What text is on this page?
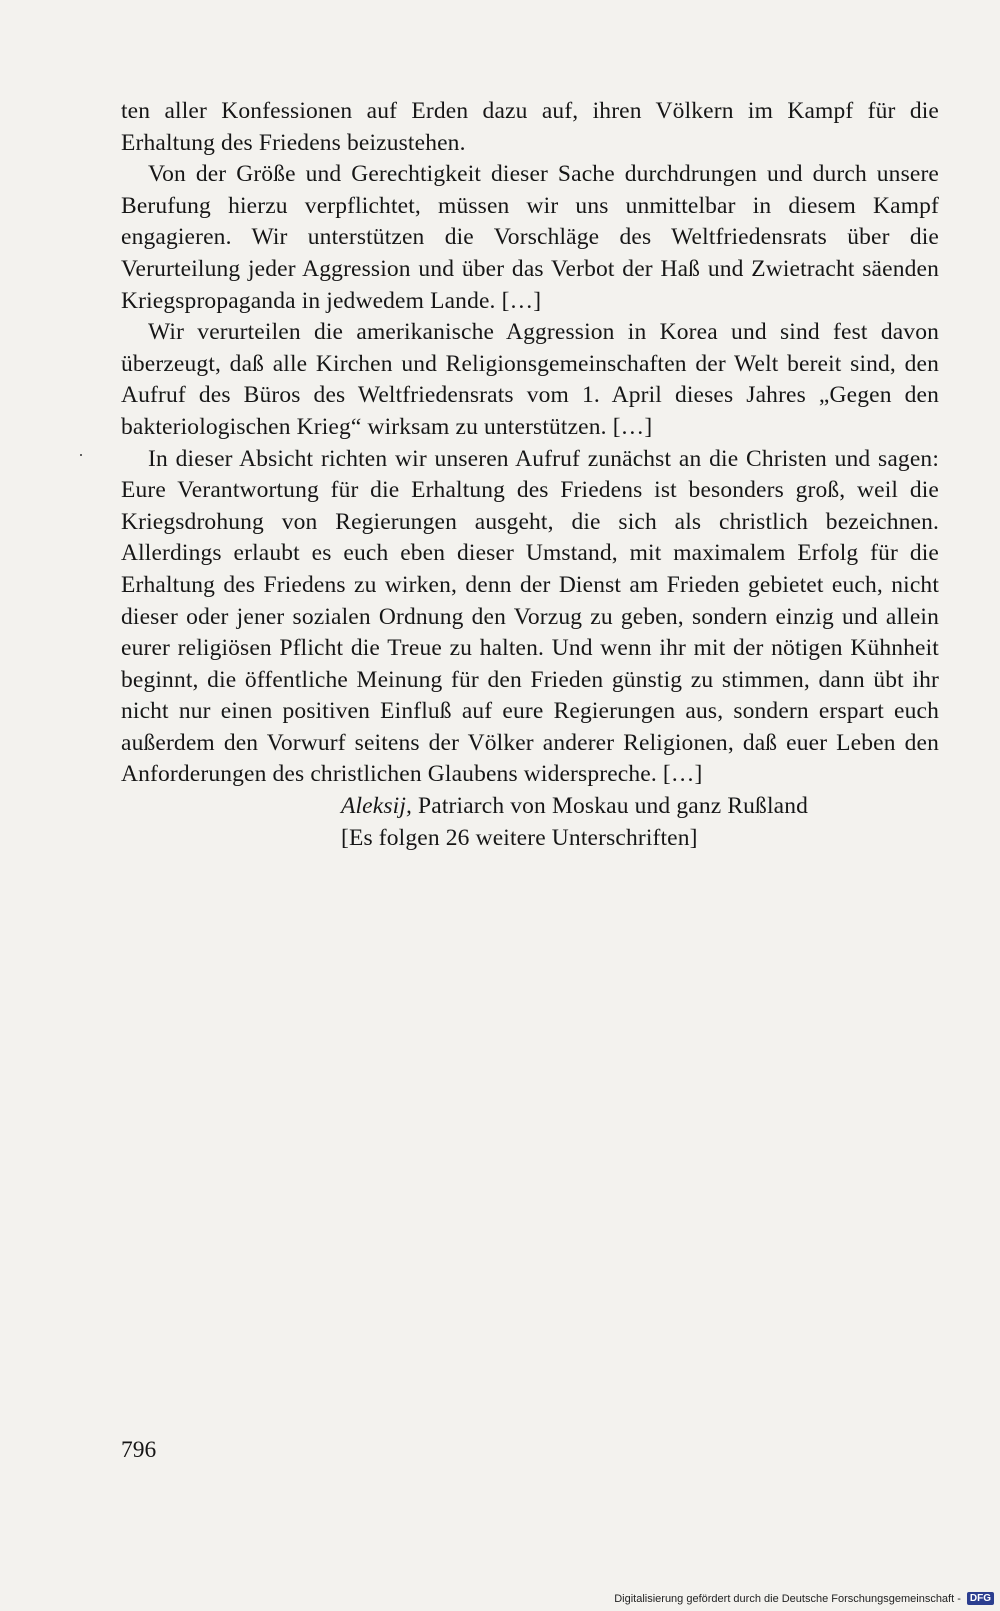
ten aller Konfessionen auf Erden dazu auf, ihren Völkern im Kampf für die Erhaltung des Friedens beizustehen.

Von der Größe und Gerechtigkeit dieser Sache durchdrungen und durch unsere Berufung hierzu verpflichtet, müssen wir uns unmittelbar in diesem Kampf engagieren. Wir unterstützen die Vorschläge des Weltfriedensrats über die Verurteilung jeder Aggression und über das Verbot der Haß und Zwietracht säenden Kriegspropaganda in jedwedem Lande. […]

Wir verurteilen die amerikanische Aggression in Korea und sind fest davon überzeugt, daß alle Kirchen und Religionsgemeinschaften der Welt bereit sind, den Aufruf des Büros des Weltfriedensrats vom 1. April dieses Jahres „Gegen den bakteriologischen Krieg“ wirksam zu unterstützen. […]

In dieser Absicht richten wir unseren Aufruf zunächst an die Christen und sagen: Eure Verantwortung für die Erhaltung des Friedens ist besonders groß, weil die Kriegsdrohung von Regierungen ausgeht, die sich als christlich bezeichnen. Allerdings erlaubt es euch eben dieser Umstand, mit maximalem Erfolg für die Erhaltung des Friedens zu wirken, denn der Dienst am Frieden gebietet euch, nicht dieser oder jener sozialen Ordnung den Vorzug zu geben, sondern einzig und allein eurer religiösen Pflicht die Treue zu halten. Und wenn ihr mit der nötigen Kühnheit beginnt, die öffentliche Meinung für den Frieden günstig zu stimmen, dann übt ihr nicht nur einen positiven Einfluß auf eure Regierungen aus, sondern erspart euch außerdem den Vorwurf seitens der Völker anderer Religionen, daß euer Leben den Anforderungen des christlichen Glaubens widerspreche. […]

Aleksij, Patriarch von Moskau und ganz Rußland

[Es folgen 26 weitere Unterschriften]

796
Digitalisierung gefördert durch die Deutsche Forschungsgemeinschaft - DFG
